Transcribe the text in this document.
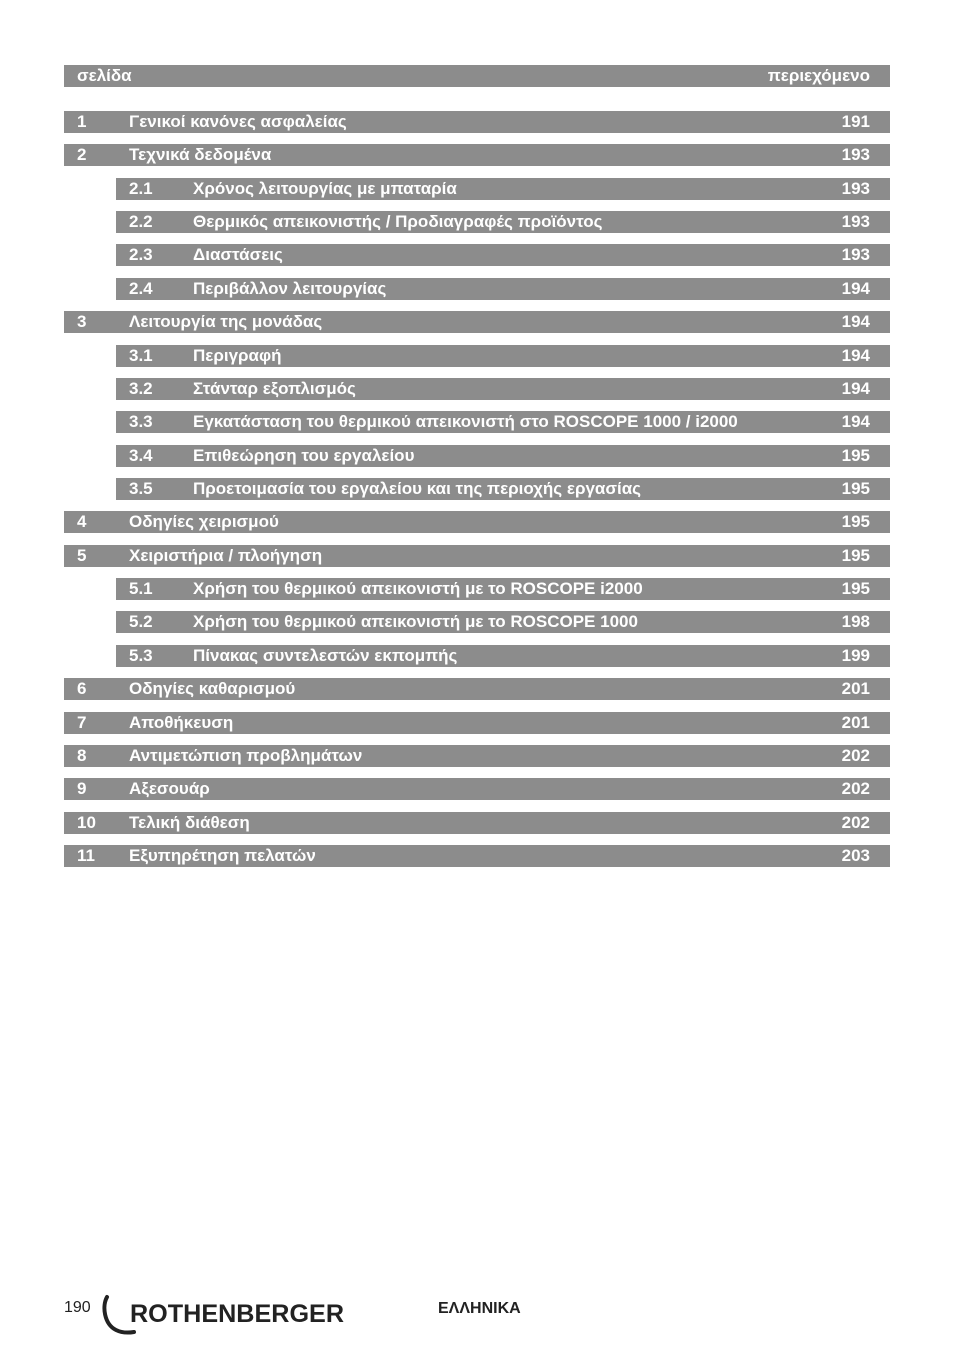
σελίδα	περιεχόμενο
1	Γενικοί κανόνες ασφαλείας	191
2	Τεχνικά δεδομένα	193
2.1 Χρόνος λειτουργίας με μπαταρία	193
2.2 Θερμικός απεικονιστής / Προδιαγραφές προϊόντος	193
2.3 Διαστάσεις	193
2.4 Περιβάλλον λειτουργίας	194
3	Λειτουργία της μονάδας	194
3.1 Περιγραφή	194
3.2 Στάνταρ εξοπλισμός	194
3.3 Εγκατάσταση του θερμικού απεικονιστή στο ROSCOPE 1000 / i2000	194
3.4 Επιθεώρηση του εργαλείου	195
3.5 Προετοιμασία του εργαλείου και της περιοχής εργασίας	195
4	Οδηγίες χειρισμού	195
5	Χειριστήρια / πλοήγηση	195
5.1 Χρήση του θερμικού απεικονιστή με το ROSCOPE i2000	195
5.2 Χρήση του θερμικού απεικονιστή με το ROSCOPE 1000	198
5.3 Πίνακας συντελεστών εκπομπής	199
6	Οδηγίες καθαρισμού	201
7	Αποθήκευση	201
8	Αντιμετώπιση προβλημάτων	202
9	Αξεσουάρ	202
10 Τελική διάθεση	202
11 Εξυπηρέτηση πελατών	203
190 ROTHENBERGER	ΕΛΛΗΝΙΚΑ
